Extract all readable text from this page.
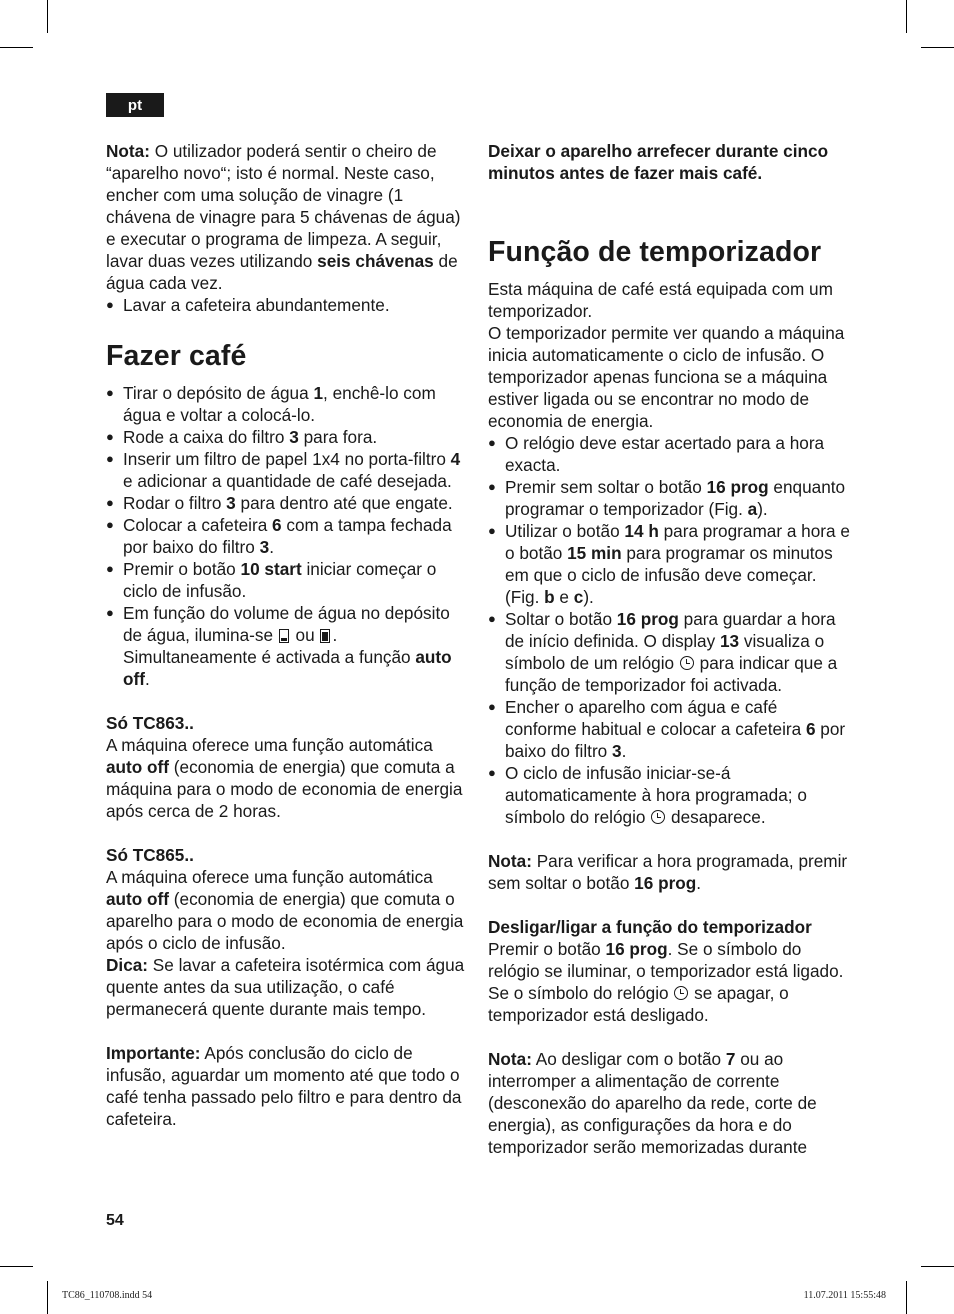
pt

Nota: O utilizador poderá sentir o cheiro de “aparelho novo“; isto é normal. Neste caso, encher com uma solução de vinagre (1 chávena de vinagre para 5 chávenas de água) e executar o programa de limpeza. A seguir, lavar duas vezes utilizando seis chávenas de água cada vez.

● Lavar a cafeteira abundantemente.
Fazer café
● Tirar o depósito de água 1, enchê-lo com água e voltar a colocá-lo.
● Rode a caixa do filtro 3 para fora.
● Inserir um filtro de papel 1x4 no porta-filtro 4 e adicionar a quantidade de café desejada.
● Rodar o filtro 3 para dentro até que engate.
● Colocar a cafeteira 6 com a tampa fechada por baixo do filtro 3.
● Premir o botão 10 start iniciar começar o ciclo de infusão.
● Em função do volume de água no depósito de água, ilumina-se  ou . Simultaneamente é activada a função auto off.

Só TC863..

A máquina oferece uma função automática auto off (economia de energia) que comuta a máquina para o modo de economia de energia após cerca de 2 horas.

Só TC865..

A máquina oferece uma função automática auto off (economia de energia) que comuta o aparelho para o modo de economia de energia após o ciclo de infusão.

Dica: Se lavar a cafeteira isotérmica com água quente antes da sua utilização, o café permanecerá quente durante mais tempo.

Importante: Após conclusão do ciclo de infusão, aguardar um momento até que todo o café tenha passado pelo filtro e para dentro da cafeteira.

Deixar o aparelho arrefecer durante cinco minutos antes de fazer mais café.

Função de temporizador

Esta máquina de café está equipada com um temporizador.

O temporizador permite ver quando a máquina inicia automaticamente o ciclo de infusão. O temporizador apenas funciona se a máquina estiver ligada ou se encontrar no modo de economia de energia.

● O relógio deve estar acertado para a hora exacta.
● Premir sem soltar o botão 16 prog enquanto programar o temporizador (Fig. a).
● Utilizar o botão 14 h para programar a hora e o botão 15 min para programar os minutos em que o ciclo de infusão deve começar. (Fig. b e c).
● Soltar o botão 16 prog para guardar a hora de início definida. O display 13 visualiza o símbolo de um relógio  para indicar que a função de temporizador foi activada.
● Encher o aparelho com água e café conforme habitual e colocar a cafeteira 6 por baixo do filtro 3.
● O ciclo de infusão iniciar-se-á automaticamente à hora programada; o símbolo do relógio  desaparece.

Nota: Para verificar a hora programada, premir sem soltar o botão 16 prog.

Desligar/ligar a função do temporizador

Premir o botão 16 prog. Se o símbolo do relógio se iluminar, o temporizador está ligado. Se o símbolo do relógio  se apagar, o temporizador está desligado.

Nota: Ao desligar com o botão 7 ou ao interromper a alimentação de corrente (desconexão do aparelho da rede, corte de energia), as configurações da hora e do temporizador serão memorizadas durante

54
TC86_110708.indd 54	11.07.2011 15:55:48
